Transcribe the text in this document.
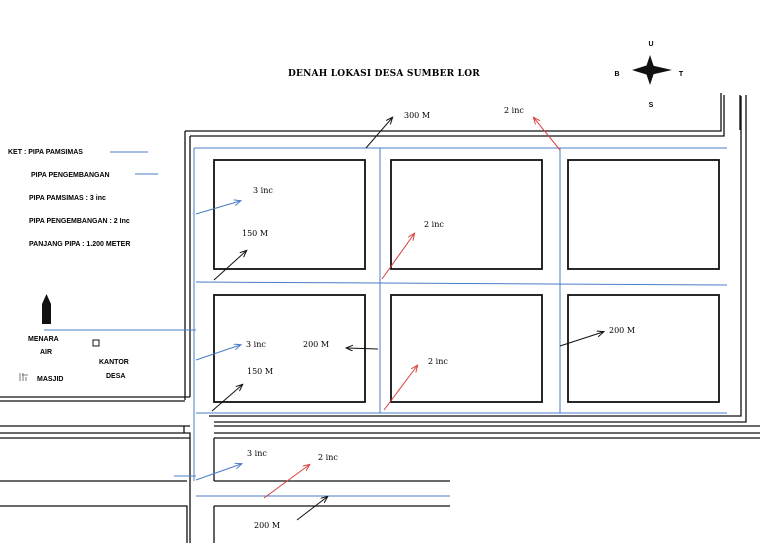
DENAH LOKASI DESA SUMBER LOR
U
B	T
S
KET : PIPA PAMSIMAS
PIPA PENGEMBANGAN
PIPA PAMSIMAS : 3 inc
PIPA PENGEMBANGAN : 2 Inc
PANJANG PIPA : 1.200 METER
MENARA
AIR
KANTOR
DESA
MASJID
300 M
2 inc
3 inc
150 M
2 inc
3 inc	200 M
150 M
2 inc
200 M
3 inc	2 inc
200 M
